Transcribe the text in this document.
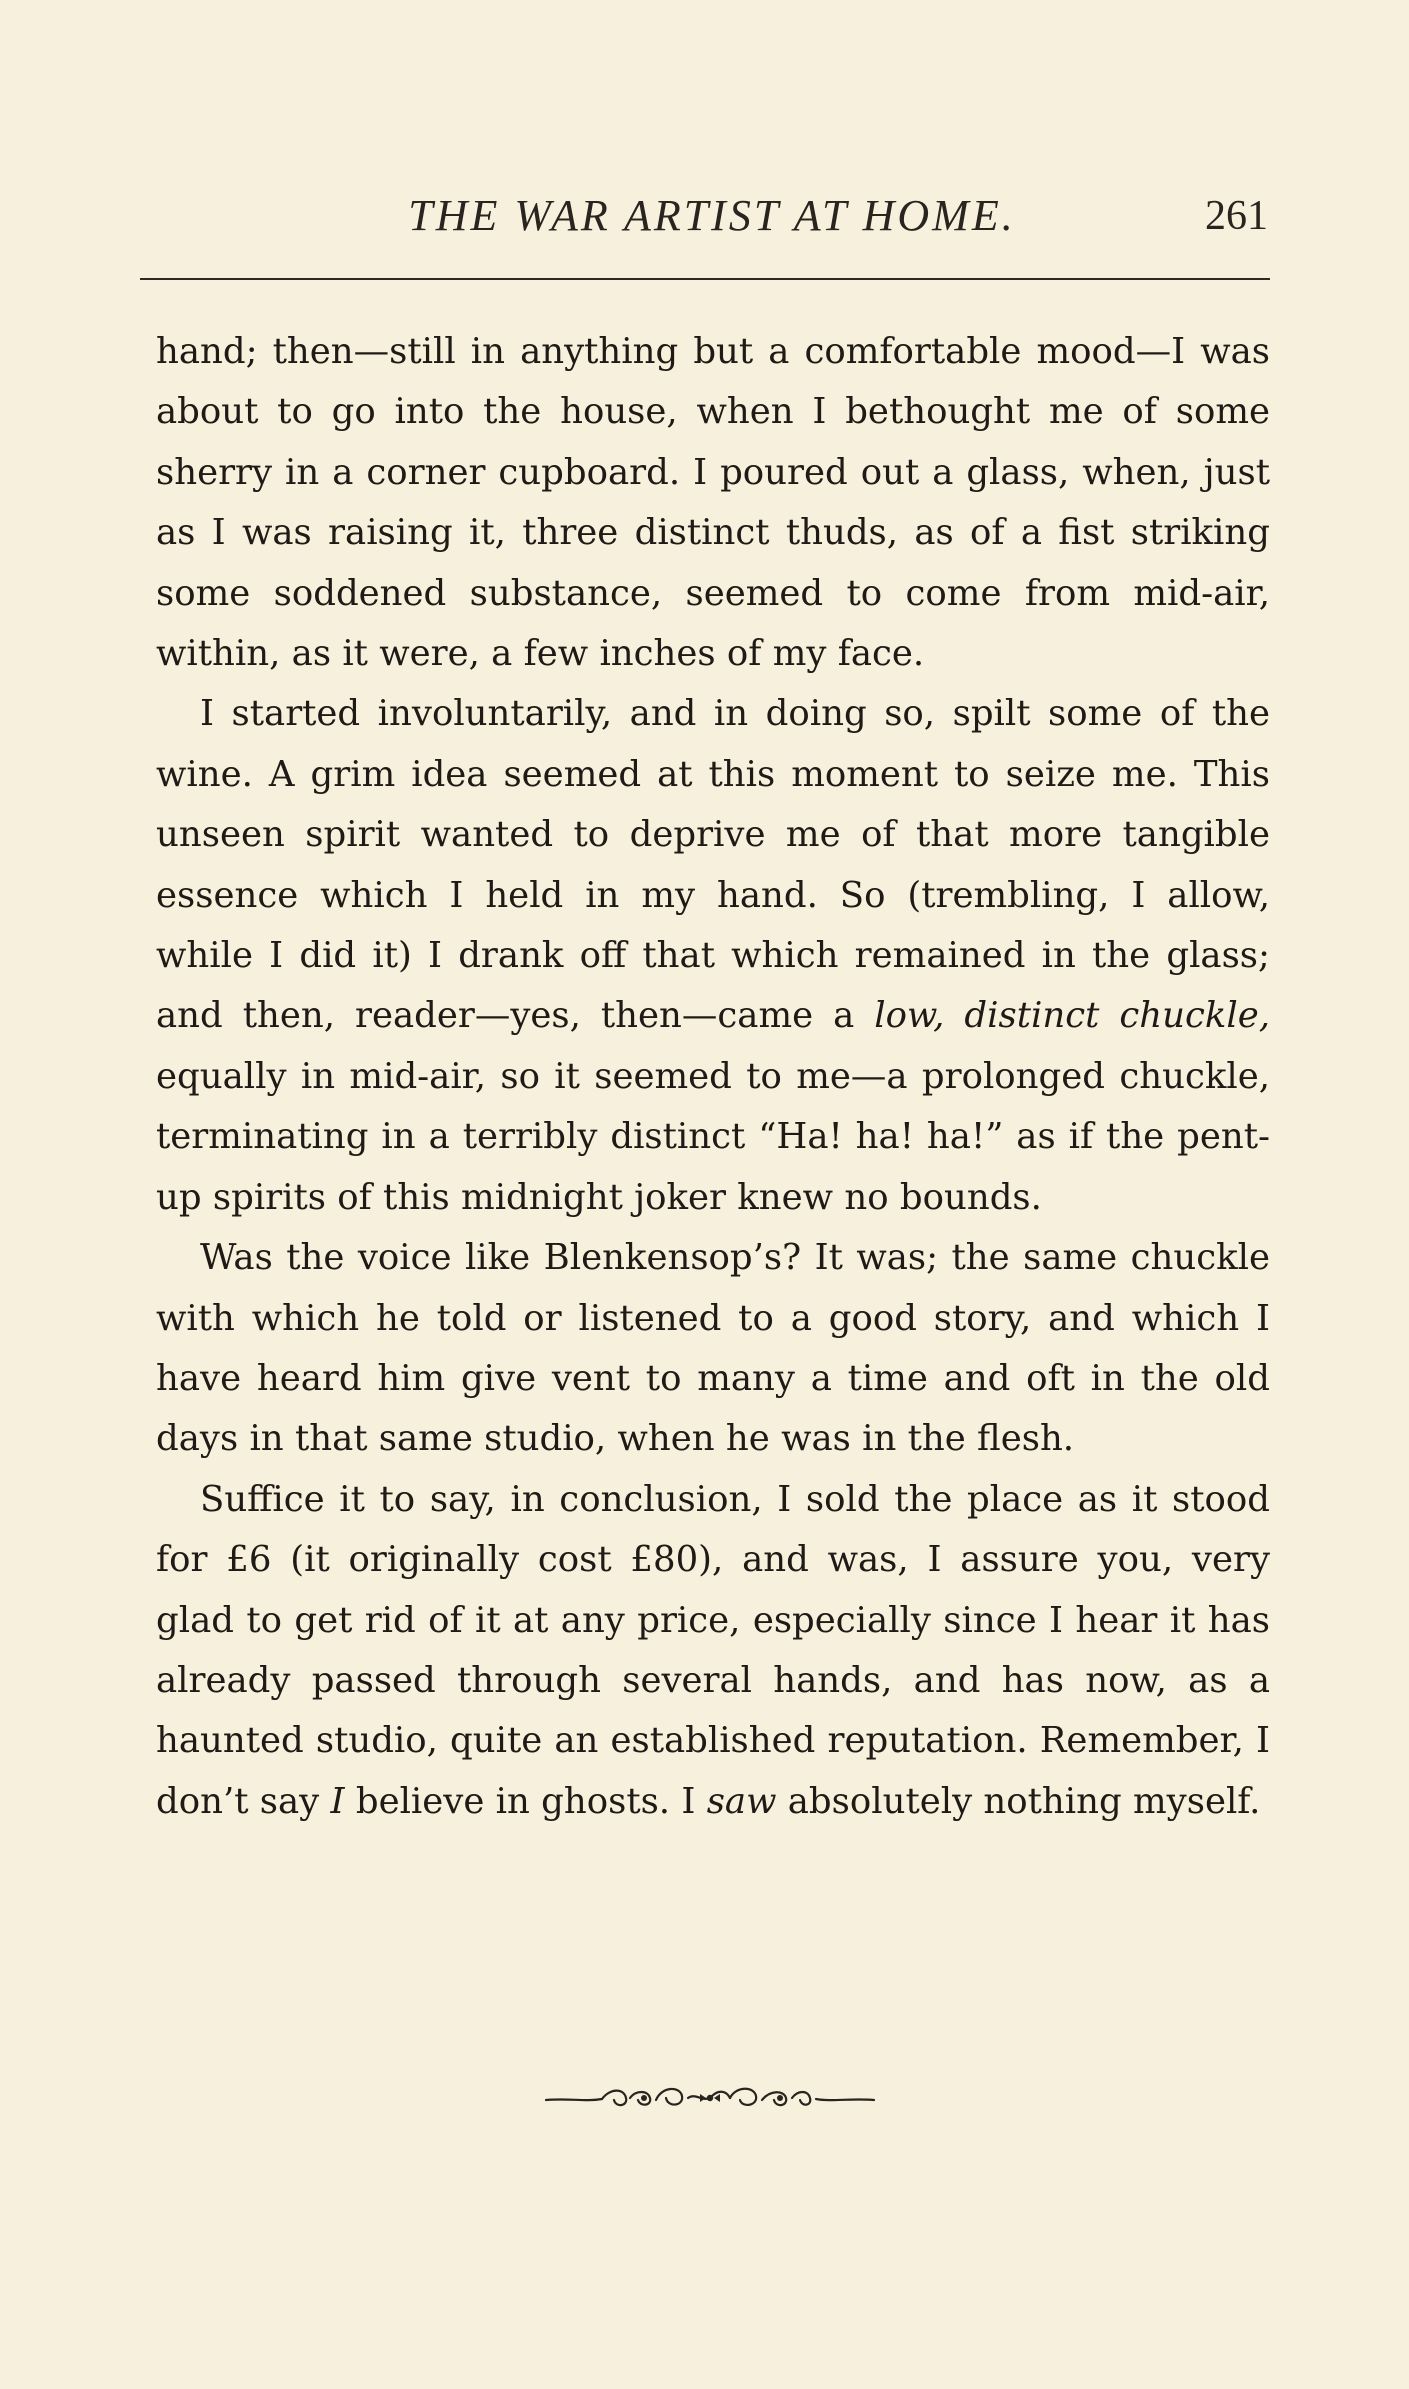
THE WAR ARTIST AT HOME.	261

hand; then—still in anything but a comfortable mood—I was about to go into the house, when I bethought me of some sherry in a corner cupboard. I poured out a glass, when, just as I was raising it, three distinct thuds, as of a fist striking some soddened substance, seemed to come from mid-air, within, as it were, a few inches of my face.

I started involuntarily, and in doing so, spilt some of the wine. A grim idea seemed at this moment to seize me. This unseen spirit wanted to deprive me of that more tangible essence which I held in my hand. So (trembling, I allow, while I did it) I drank off that which remained in the glass; and then, reader—yes, then—came a low, distinct chuckle, equally in mid-air, so it seemed to me—a prolonged chuckle, terminating in a terribly distinct “Ha! ha! ha!” as if the pent-up spirits of this midnight joker knew no bounds.

Was the voice like Blenkensop’s? It was; the same chuckle with which he told or listened to a good story, and which I have heard him give vent to many a time and oft in the old days in that same studio, when he was in the flesh.

Suffice it to say, in conclusion, I sold the place as it stood for £6 (it originally cost £80), and was, I assure you, very glad to get rid of it at any price, especially since I hear it has already passed through several hands, and has now, as a haunted studio, quite an established reputation. Remember, I don’t say I believe in ghosts. I saw absolutely nothing myself.
